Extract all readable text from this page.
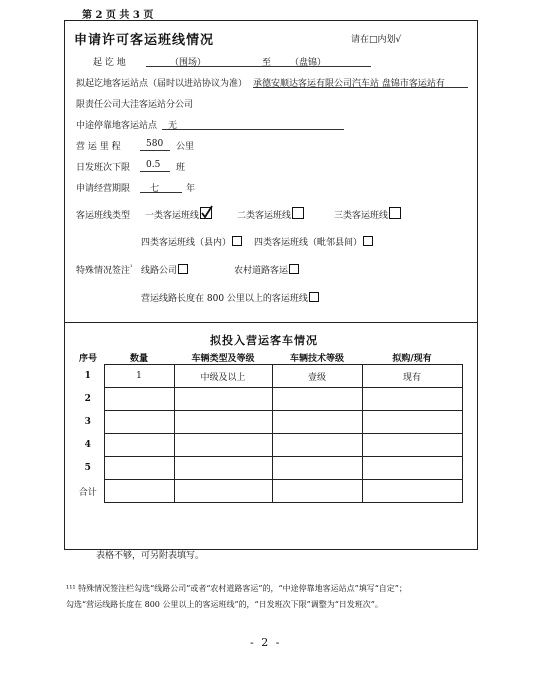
第 2 页 共 3 页
申请许可客运班线情况	请在□内划√
起 讫 地	（围场）	至 （盘锦）
拟起讫地客运站点（届时以进站协议为准） 承德安顺达客运有限公司汽车站 盘锦市客运站有
限责任公司大洼客运站分公司
中途停靠地客运站点 无
营 运 里 程	580 公里
日发班次下限 0.5 班
申请经营期限 七	年
客运班线类型 一类客运班线	二类客运班线	三类客运班线
四类客运班线（县内）	四类客运班线（毗邻县间）
特殊情况签注$^{^1}$ 线路公司	农村道路客运
营运线路长度在 800 公里以上的客运班线
拟投入营运客车情况
序号	数量	车辆类型及等级	车辆技术等级	拟购/现有
1	1	中级及以上	壹级	现有
2				
3				
4				
5				
合计				
表格不够，可另附表填写。
¹¹¹ 特殊情况签注栏勾选“线路公司”或者“农村道路客运”的，“中途停靠地客运站点”填写“自定”；
勾选“营运线路长度在 800 公里以上的客运班线”的，“日发班次下限”调整为“日发班次”。
- 2 -
